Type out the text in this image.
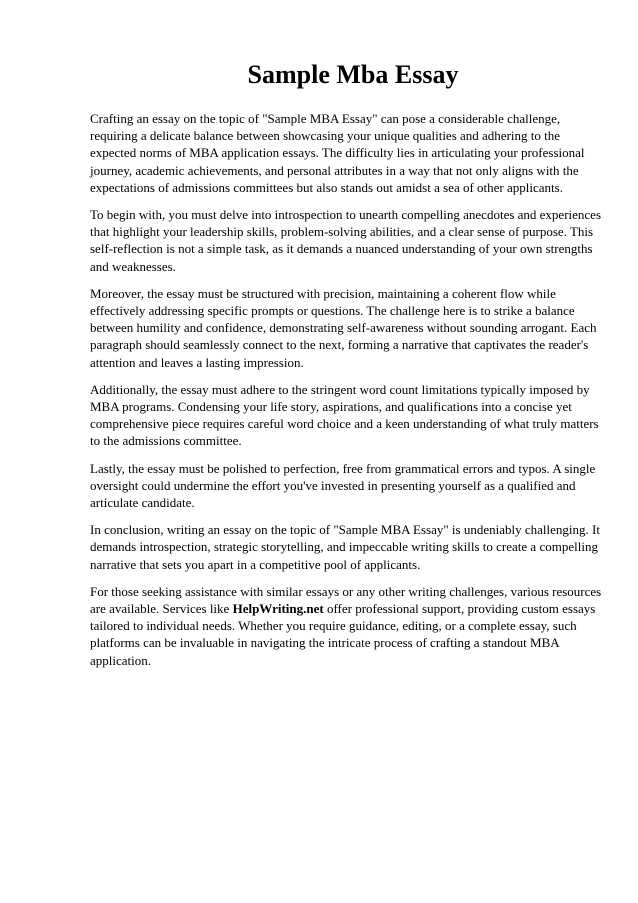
Sample Mba Essay

Crafting an essay on the topic of "Sample MBA Essay" can pose a considerable challenge, requiring a delicate balance between showcasing your unique qualities and adhering to the expected norms of MBA application essays. The difficulty lies in articulating your professional journey, academic achievements, and personal attributes in a way that not only aligns with the expectations of admissions committees but also stands out amidst a sea of other applicants.

To begin with, you must delve into introspection to unearth compelling anecdotes and experiences that highlight your leadership skills, problem-solving abilities, and a clear sense of purpose. This self-reflection is not a simple task, as it demands a nuanced understanding of your own strengths and weaknesses.

Moreover, the essay must be structured with precision, maintaining a coherent flow while effectively addressing specific prompts or questions. The challenge here is to strike a balance between humility and confidence, demonstrating self-awareness without sounding arrogant. Each paragraph should seamlessly connect to the next, forming a narrative that captivates the reader's attention and leaves a lasting impression.

Additionally, the essay must adhere to the stringent word count limitations typically imposed by MBA programs. Condensing your life story, aspirations, and qualifications into a concise yet comprehensive piece requires careful word choice and a keen understanding of what truly matters to the admissions committee.

Lastly, the essay must be polished to perfection, free from grammatical errors and typos. A single oversight could undermine the effort you've invested in presenting yourself as a qualified and articulate candidate.

In conclusion, writing an essay on the topic of "Sample MBA Essay" is undeniably challenging. It demands introspection, strategic storytelling, and impeccable writing skills to create a compelling narrative that sets you apart in a competitive pool of applicants.

For those seeking assistance with similar essays or any other writing challenges, various resources are available. Services like HelpWriting.net offer professional support, providing custom essays tailored to individual needs. Whether you require guidance, editing, or a complete essay, such platforms can be invaluable in navigating the intricate process of crafting a standout MBA application.
